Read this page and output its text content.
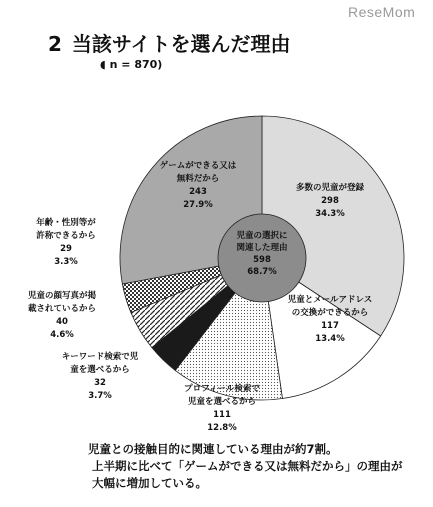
ReseMom
2 当該サイトを選んだ理由
◖ n = 870)
児童の選択に関連した理由 598 68.7%
多数の児童が登録 298 34.3%
児童とメールアドレスの交換ができるから 117 13.4%
プロフィール検索で児童を選べるから 111 12.8%
キーワード検索で児童を選べるから 32 3.7%
児童の顔写真が掲載されているから 40 4.6%
年齢・性別等が許称できるから 29 3.3%
ゲームができる又は無料だから 243 27.9%
児童との接触目的に関連している理由が約7割。
上半期に比べて「ゲームができる又は無料だから」の理由が
大幅に増加している。
